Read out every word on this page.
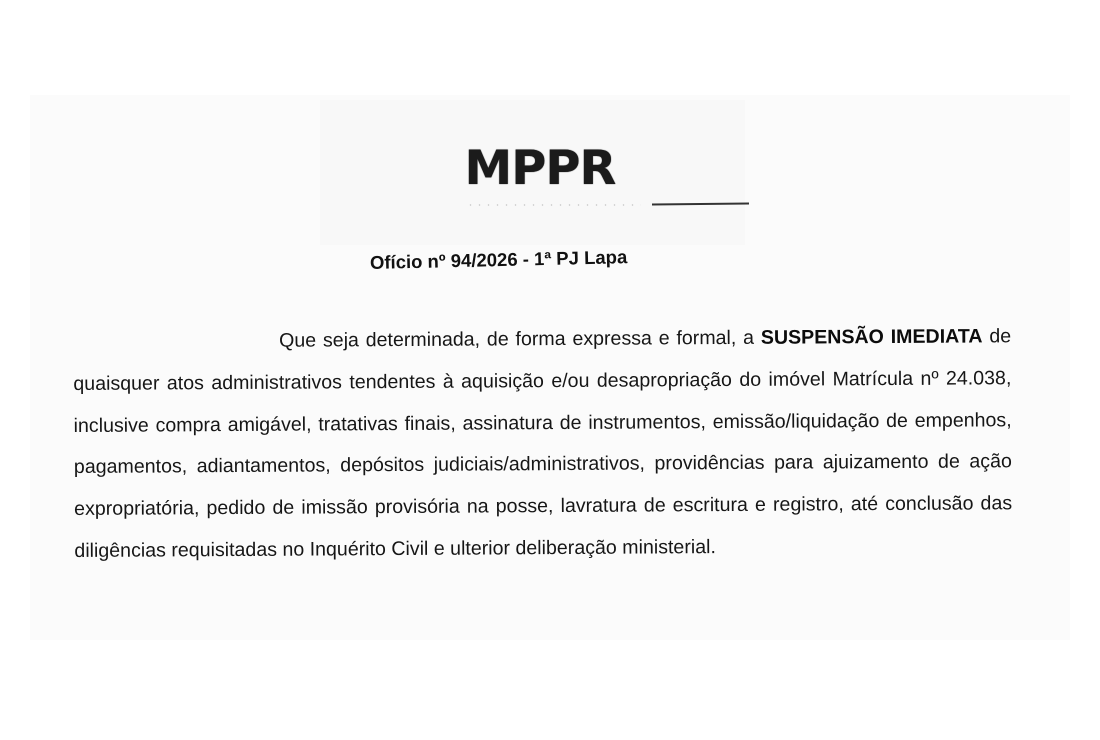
MPPR
Ofício nº 94/2026 - 1ª PJ Lapa

Que seja determinada, de forma expressa e formal, a SUSPENSÃO IMEDIATA de quaisquer atos administrativos tendentes à aquisição e/ou desapropriação do imóvel Matrícula nº 24.038, inclusive compra amigável, tratativas finais, assinatura de instrumentos, emissão/liquidação de empenhos, pagamentos, adiantamentos, depósitos judiciais/administrativos, providências para ajuizamento de ação expropriatória, pedido de imissão provisória na posse, lavratura de escritura e registro, até conclusão das diligências requisitadas no Inquérito Civil e ulterior deliberação ministerial.
